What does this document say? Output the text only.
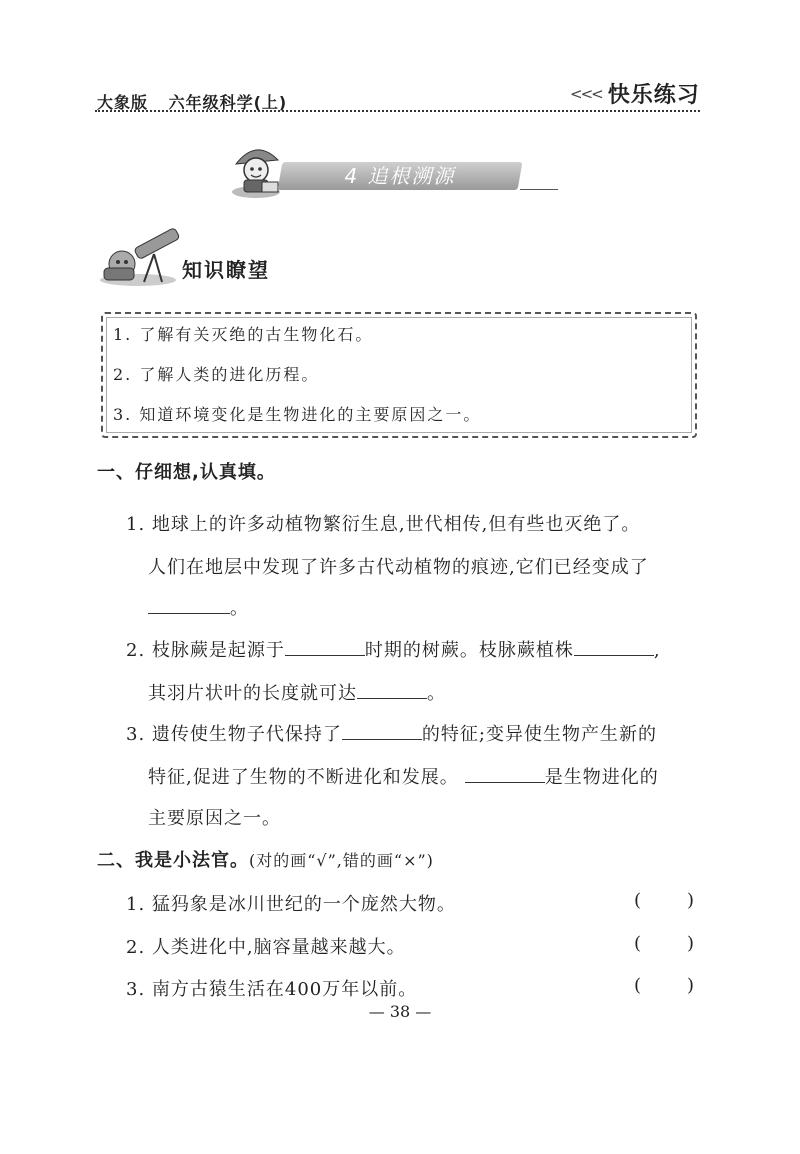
大象版 六年级科学(上)	<<< 快乐练习
4 追根溯源
知识瞭望
1. 了解有关灭绝的古生物化石。
2. 了解人类的进化历程。
3. 知道环境变化是生物进化的主要原因之一。
一、仔细想,认真填。
1. 地球上的许多动植物繁衍生息,世代相传,但有些也灭绝了。
人们在地层中发现了许多古代动植物的痕迹,它们已经变成了
。
2. 枝脉蕨是起源于	时期的树蕨。枝脉蕨植株	,
其羽片状叶的长度就可达	。
3. 遗传使生物子代保持了	的特征;变异使生物产生新的
特征,促进了生物的不断进化和发展。	是生物进化的
主要原因之一。
二、我是小法官。(对的画“√”,错的画“×”)
1. 猛犸象是冰川世纪的一个庞然大物。	(	)
2. 人类进化中,脑容量越来越大。	(	)
3. 南方古猿生活在400万年以前。	(	)
— 38 —
